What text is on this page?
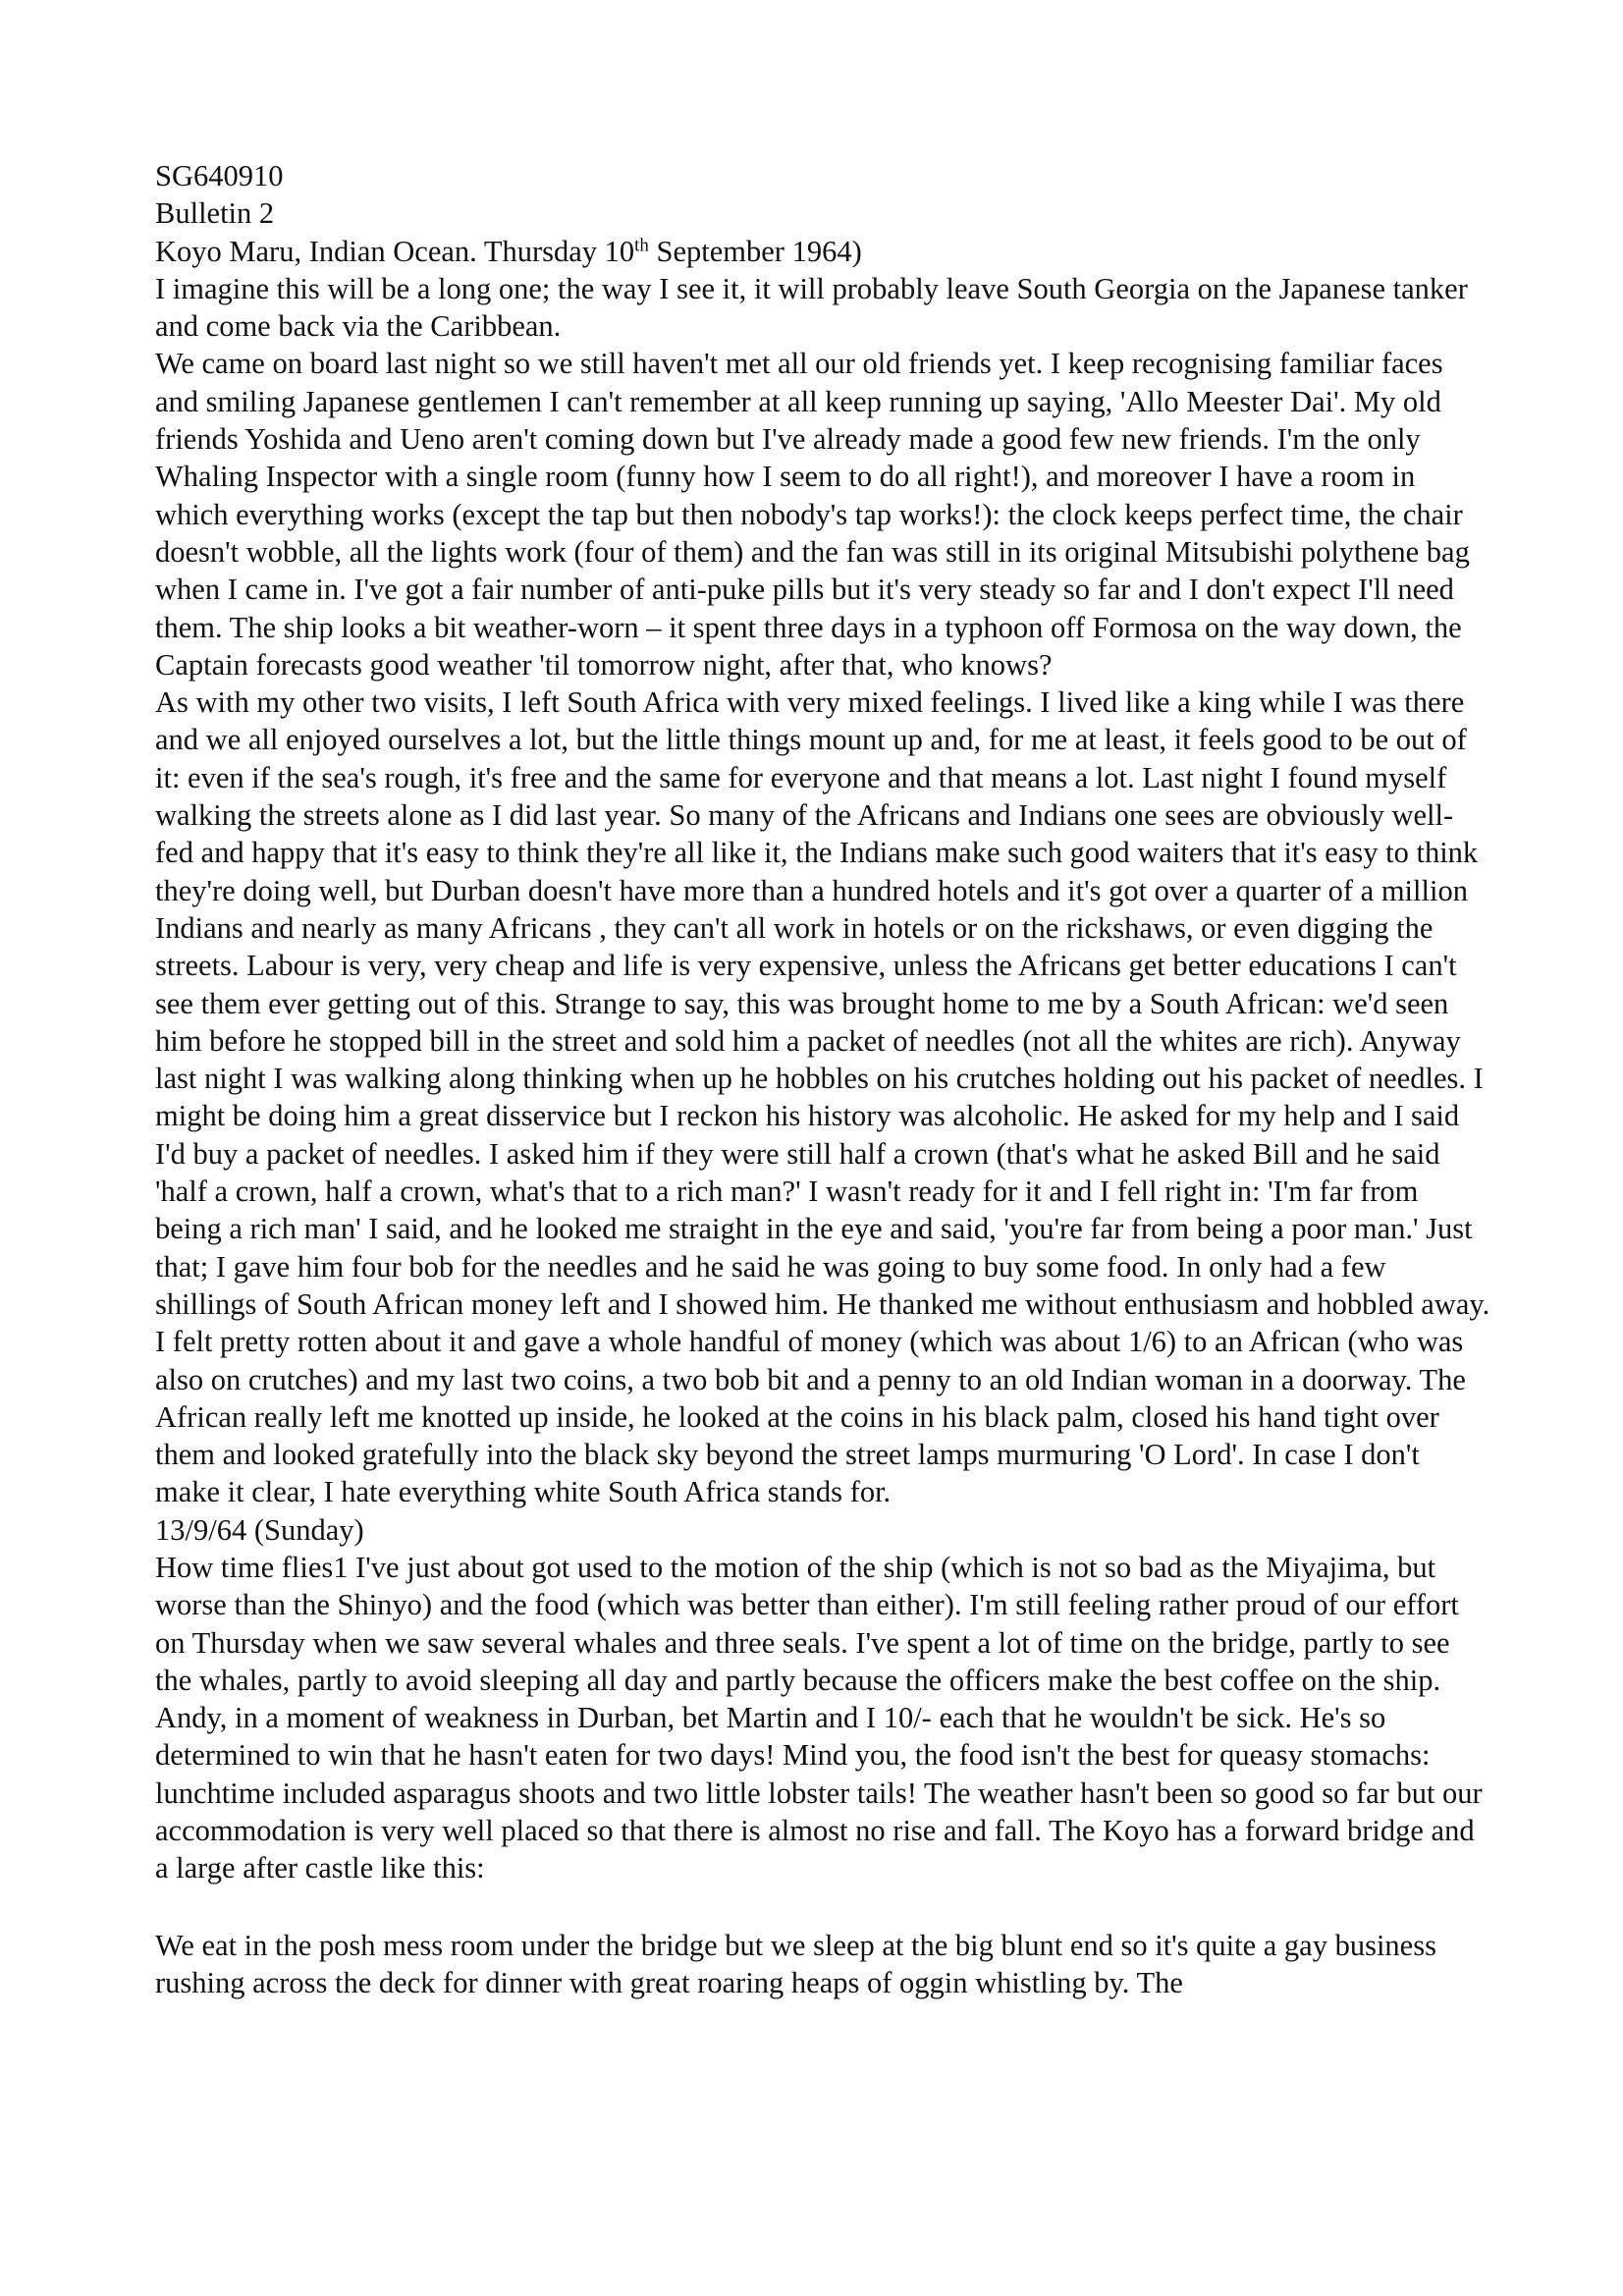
SG640910

Bulletin 2

Koyo Maru, Indian Ocean. Thursday 10th September 1964)

I imagine this will be a long one; the way I see it, it will probably leave South Georgia on the Japanese tanker and come back via the Caribbean.

We came on board last night so we still haven't met all our old friends yet. I keep recognising familiar faces and smiling Japanese gentlemen I can't remember at all keep running up saying, 'Allo Meester Dai'. My old friends Yoshida and Ueno aren't coming down but I've already made a good few new friends. I'm the only Whaling Inspector with a single room (funny how I seem to do all right!), and moreover I have a room in which everything works (except the tap but then nobody's tap works!): the clock keeps perfect time, the chair doesn't wobble, all the lights work (four of them) and the fan was still in its original Mitsubishi polythene bag when I came in. I've got a fair number of anti-puke pills but it's very steady so far and I don't expect I'll need them. The ship looks a bit weather-worn – it spent three days in a typhoon off Formosa on the way down, the Captain forecasts good weather 'til tomorrow night, after that, who knows?

As with my other two visits, I left South Africa with very mixed feelings. I lived like a king while I was there and we all enjoyed ourselves a lot, but the little things mount up and, for me at least, it feels good to be out of it: even if the sea's rough, it's free and the same for everyone and that means a lot. Last night I found myself walking the streets alone as I did last year. So many of the Africans and Indians one sees are obviously well-fed and happy that it's easy to think they're all like it, the Indians make such good waiters that it's easy to think they're doing well, but Durban doesn't have more than a hundred hotels and it's got over a quarter of a million Indians and nearly as many Africans , they can't all work in hotels or on the rickshaws, or even digging the streets. Labour is very, very cheap and life is very expensive, unless the Africans get better educations I can't see them ever getting out of this. Strange to say, this was brought home to me by a South African: we'd seen him before he stopped bill in the street and sold him a packet of needles (not all the whites are rich). Anyway last night I was walking along thinking when up he hobbles on his crutches holding out his packet of needles. I might be doing him a great disservice but I reckon his history was alcoholic. He asked for my help and I said I'd buy a packet of needles. I asked him if they were still half a crown (that's what he asked Bill and he said 'half a crown, half a crown, what's that to a rich man?' I wasn't ready for it and I fell right in: 'I'm far from being a rich man' I said, and he looked me straight in the eye and said, 'you're far from being a poor man.' Just that; I gave him four bob for the needles and he said he was going to buy some food. In only had a few shillings of South African money left and I showed him. He thanked me without enthusiasm and hobbled away. I felt pretty rotten about it and gave a whole handful of money (which was about 1/6) to an African (who was also on crutches) and my last two coins, a two bob bit and a penny to an old Indian woman in a doorway. The African really left me knotted up inside, he looked at the coins in his black palm, closed his hand tight over them and looked gratefully into the black sky beyond the street lamps murmuring 'O Lord'. In case I don't make it clear, I hate everything white South Africa stands for.

13/9/64 (Sunday)

How time flies1 I've just about got used to the motion of the ship (which is not so bad as the Miyajima, but worse than the Shinyo) and the food (which was better than either). I'm still feeling rather proud of our effort on Thursday when we saw several whales and three seals. I've spent a lot of time on the bridge, partly to see the whales, partly to avoid sleeping all day and partly because the officers make the best coffee on the ship. Andy, in a moment of weakness in Durban, bet Martin and I 10/- each that he wouldn't be sick. He's so determined to win that he hasn't eaten for two days! Mind you, the food isn't the best for queasy stomachs: lunchtime included asparagus shoots and two little lobster tails! The weather hasn't been so good so far but our accommodation is very well placed so that there is almost no rise and fall. The Koyo has a forward bridge and a large after castle like this:

We eat in the posh mess room under the bridge but we sleep at the big blunt end so it's quite a gay business rushing across the deck for dinner with great roaring heaps of oggin whistling by. The
